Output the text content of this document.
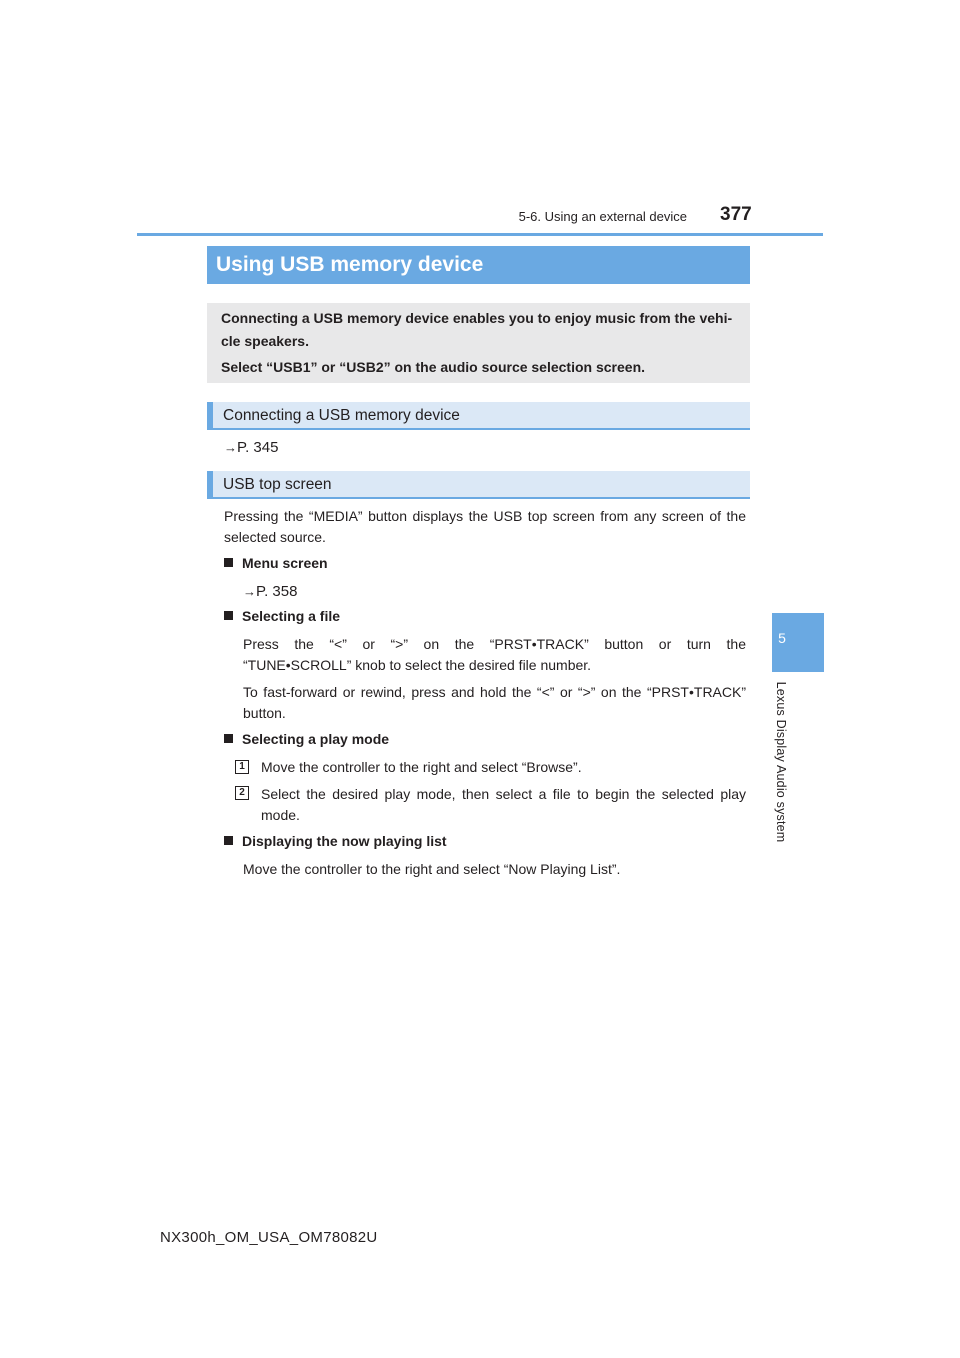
5-6. Using an external device 377
5
Lexus Display Audio system
Using USB memory device

Connecting a USB memory device enables you to enjoy music from the vehi-

cle speakers.

Select “USB1” or “USB2” on the audio source selection screen.

Connecting a USB memory device
→P. 345
USB top screen
Pressing the “MEDIA” button displays the USB top screen from any screen of the
selected source.
Menu screen
→P. 358
Selecting a file
Press the “<” or “>” on the “PRST•TRACK” button or turn the
“TUNE•SCROLL” knob to select the desired file number.
To fast-forward or rewind, press and hold the “<” or “>” on the “PRST•TRACK”
button.
Selecting a play mode
1	Move the controller to the right and select “Browse”.
2	Select the desired play mode, then select a file to begin the selected play
mode.
Displaying the now playing list
Move the controller to the right and select “Now Playing List”.
NX300h_OM_USA_OM78082U
